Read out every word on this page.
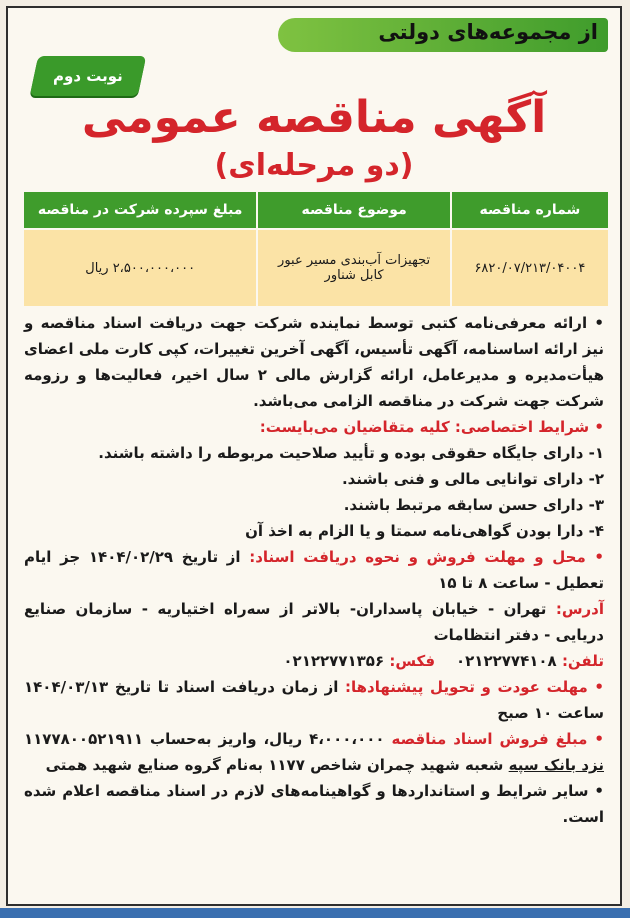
از مجموعه‌های دولتی
نوبت دوم
آگهی مناقصه عمومی
(دو مرحله‌ای)
شماره مناقصه	موضوع مناقصه	مبلغ سپرده شرکت در مناقصه
۶۸۲۰/۰۷/۲۱۳/۰۴۰۰۴	تجهیزات آب‌بندی مسیر عبور کابل شناور	۲،۵۰۰،۰۰۰،۰۰۰ ریال

• ارائه معرفی‌نامه کتبی توسط نماینده شرکت جهت دریافت اسناد مناقصه و نیز ارائه اساسنامه، آگهی تأسیس، آگهی آخرین تغییرات، کپی کارت ملی اعضای هیأت‌مدیره و مدیرعامل، ارائه گزارش مالی ۲ سال اخیر، فعالیت‌ها و رزومه شرکت جهت شرکت در مناقصه الزامی می‌باشد.

• شرایط اختصاصی: کلیه متقاضیان می‌بایست:

۱- دارای جایگاه حقوقی بوده و تأیید صلاحیت مربوطه را داشته باشند.

۲- دارای توانایی مالی و فنی باشند.

۳- دارای حسن سابقه مرتبط باشند.

۴- دارا بودن گواهی‌نامه سمتا و یا الزام به اخذ آن

• محل و مهلت فروش و نحوه دریافت اسناد: از تاریخ ۱۴۰۴/۰۲/۲۹ جز ایام تعطیل - ساعت ۸ تا ۱۵

آدرس: تهران - خیابان پاسداران- بالاتر از سه‌راه اختیاریه - سازمان صنایع دریایی - دفتر انتظامات

تلفن: ۰۲۱۲۲۷۷۴۱۰۸    فکس: ۰۲۱۲۲۷۷۱۳۵۶

• مهلت عودت و تحویل پیشنهادها: از زمان دریافت اسناد تا تاریخ ۱۴۰۴/۰۳/۱۳ ساعت ۱۰ صبح

• مبلغ فروش اسناد مناقصه ۴،۰۰۰،۰۰۰ ریال، واریز به‌حساب ۱۱۷۷۸۰۰۵۲۱۹۱۱ نزد بانک سپه شعبه شهید چمران شاخص ۱۱۷۷ به‌نام گروه صنایع شهید همتی

• سایر شرایط و استانداردها و گواهینامه‌های لازم در اسناد مناقصه اعلام شده است.
